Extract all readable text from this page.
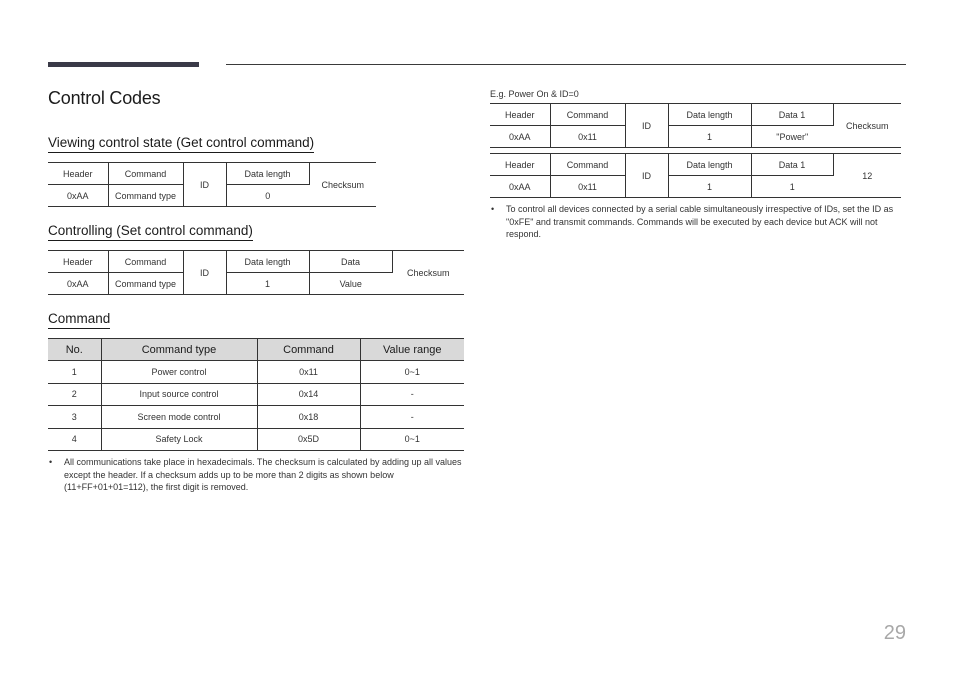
Control Codes
Viewing control state (Get control command)
Header	Command	ID	Data length	Checksum
0xAA	Command type		0	
Controlling (Set control command)
Header	Command	ID	Data length	Data	Checksum
0xAA	Command type		1	Value	
Command
No.	Command type	Command	Value range
1	Power control	0x11	0~1
2	Input source control	0x14	-
3	Screen mode control	0x18	-
4	Safety Lock	0x5D	0~1
• All communications take place in hexadecimals. The checksum is calculated by adding up all values except the header. If a checksum adds up to be more than 2 digits as shown below (11+FF+01+01=112), the first digit is removed.
E.g. Power On & ID=0
Header	Command	ID	Data length	Data 1	Checksum
0xAA	0x11		1	"Power"	
Header	Command	ID	Data length	Data 1	12
0xAA	0x11		1	1	
• To control all devices connected by a serial cable simultaneously irrespective of IDs, set the ID as "0xFE" and transmit commands. Commands will be executed by each device but ACK will not respond.
29
